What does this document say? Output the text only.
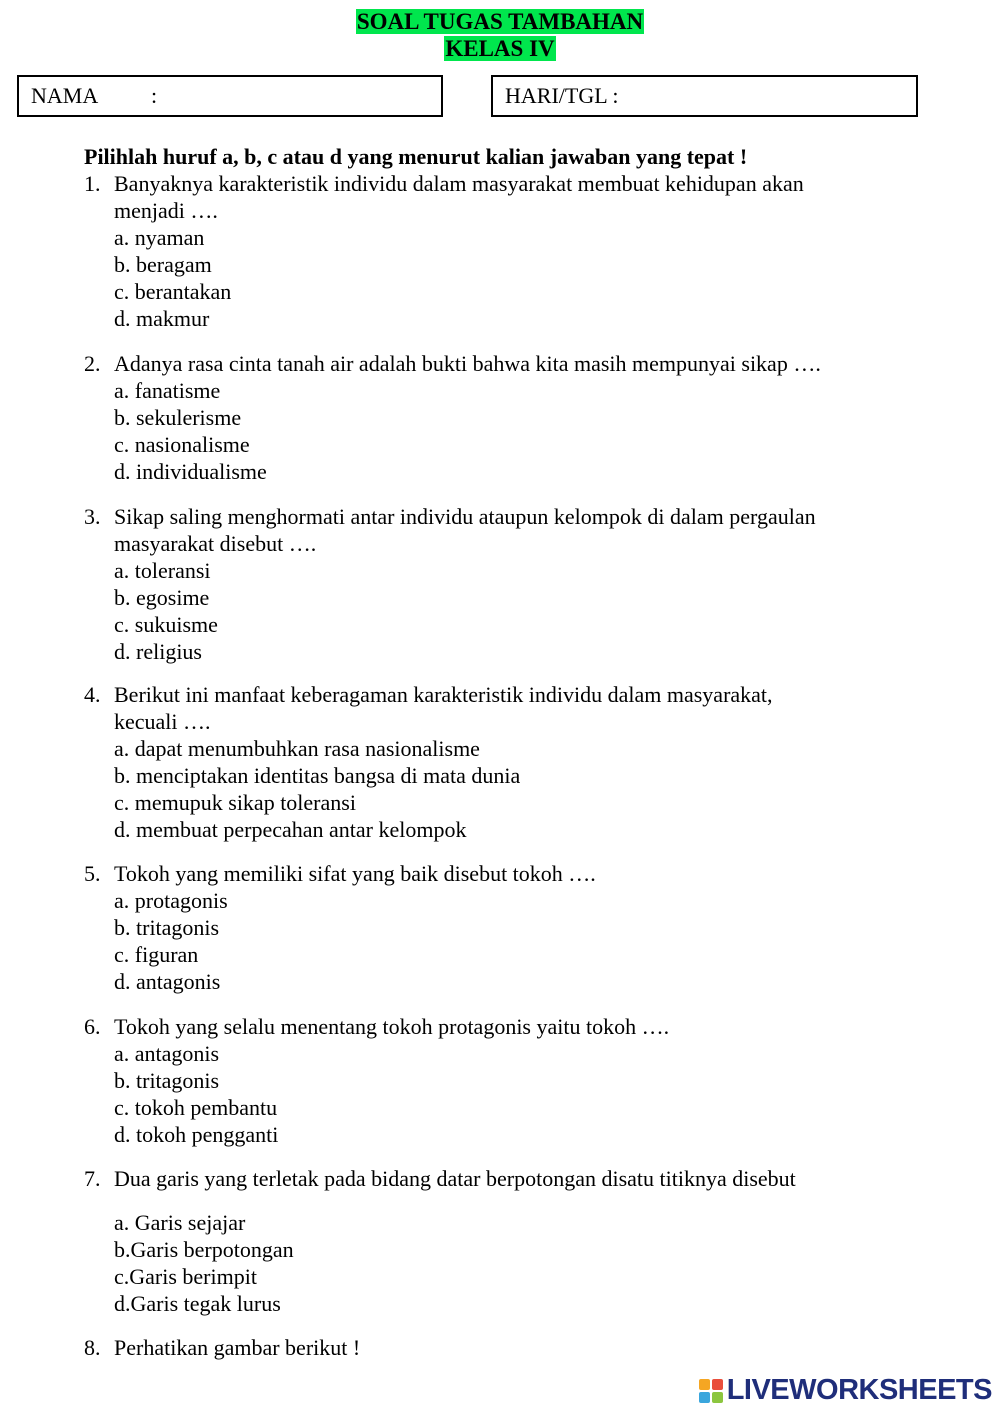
SOAL TUGAS TAMBAHAN
KELAS IV
NAMA :	HARI/TGL :
Pilihlah huruf a, b, c atau d yang menurut kalian jawaban yang tepat !
1. Banyaknya karakteristik individu dalam masyarakat membuat kehidupan akan menjadi ….
a. nyaman
b. beragam
c. berantakan
d. makmur
2. Adanya rasa cinta tanah air adalah bukti bahwa kita masih mempunyai sikap ….
a. fanatisme
b. sekulerisme
c. nasionalisme
d. individualisme
3. Sikap saling menghormati antar individu ataupun kelompok di dalam pergaulan masyarakat disebut ….
a. toleransi
b. egosime
c. sukuisme
d. religius
4. Berikut ini manfaat keberagaman karakteristik individu dalam masyarakat, kecuali ….
a. dapat menumbuhkan rasa nasionalisme
b. menciptakan identitas bangsa di mata dunia
c. memupuk sikap toleransi
d. membuat perpecahan antar kelompok
5. Tokoh yang memiliki sifat yang baik disebut tokoh ….
a. protagonis
b. tritagonis
c. figuran
d. antagonis
6. Tokoh yang selalu menentang tokoh protagonis yaitu tokoh ….
a. antagonis
b. tritagonis
c. tokoh pembantu
d. tokoh pengganti
7. Dua garis yang terletak pada bidang datar berpotongan disatu titiknya disebut
a. Garis sejajar
b.Garis berpotongan
c.Garis berimpit
d.Garis tegak lurus
8. Perhatikan gambar berikut !
LIVEWORKSHEETS
